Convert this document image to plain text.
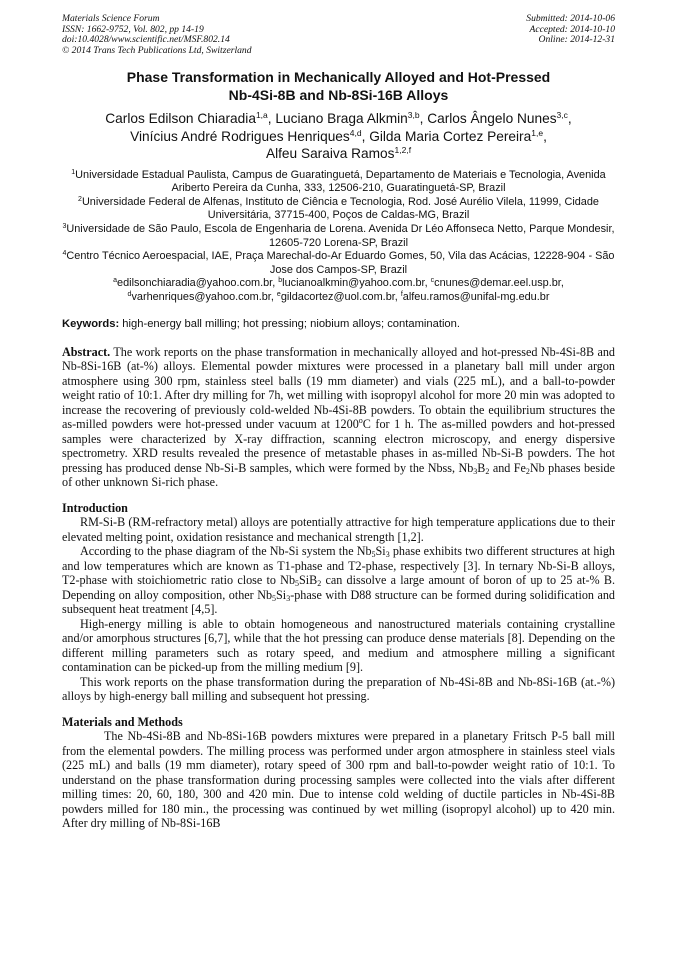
Materials Science Forum
ISSN: 1662-9752, Vol. 802, pp 14-19
doi:10.4028/www.scientific.net/MSF.802.14
© 2014 Trans Tech Publications Ltd, Switzerland
Submitted: 2014-10-06
Accepted: 2014-10-10
Online: 2014-12-31
Phase Transformation in Mechanically Alloyed and Hot-Pressed
Nb-4Si-8B and Nb-8Si-16B Alloys
Carlos Edilson Chiaradia$^{1,a}$, Luciano Braga Alkmin$^{3,b}$, Carlos Ângelo Nunes$^{3,c}$,
Vinícius André Rodrigues Henriques$^{4,d}$, Gilda Maria Cortez Pereira$^{1,e}$,
Alfeu Saraiva Ramos$^{1,2,f}$
$^1$Universidade Estadual Paulista, Campus de Guaratinguetá, Departamento de Materiais e Tecnologia, Avenida Ariberto Pereira da Cunha, 333, 12506-210, Guaratinguetá-SP, Brazil
$^2$Universidade Federal de Alfenas, Instituto de Ciência e Tecnologia, Rod. José Aurélio Vilela, 11999, Cidade Universitária, 37715-400, Poços de Caldas-MG, Brazil
$^3$Universidade de São Paulo, Escola de Engenharia de Lorena. Avenida Dr Léo Affonseca Netto, Parque Mondesir, 12605-720 Lorena-SP, Brazil
$^4$Centro Técnico Aeroespacial, IAE, Praça Marechal-do-Ar Eduardo Gomes, 50, Vila das Acácias, 12228-904 - São Jose dos Campos-SP, Brazil
$^a$edilsonchiaradia@yahoo.com.br, $^b$lucianoalkmin@yahoo.com.br, $^c$cnunes@demar.eel.usp.br,
$^d$varhenriques@yahoo.com.br, $^e$gildacortez@uol.com.br, $^f$alfeu.ramos@unifal-mg.edu.br
Keywords: high-energy ball milling; hot pressing; niobium alloys; contamination.
Abstract. The work reports on the phase transformation in mechanically alloyed and hot-pressed Nb-4Si-8B and Nb-8Si-16B (at-%) alloys. Elemental powder mixtures were processed in a planetary ball mill under argon atmosphere using 300 rpm, stainless steel balls (19 mm diameter) and vials (225 mL), and a ball-to-powder weight ratio of 10:1. After dry milling for 7h, wet milling with isopropyl alcohol for more 20 min was adopted to increase the recovering of previously cold-welded Nb-4Si-8B powders. To obtain the equilibrium structures the as-milled powders were hot-pressed under vacuum at 1200$^o$C for 1 h. The as-milled powders and hot-pressed samples were characterized by X-ray diffraction, scanning electron microscopy, and energy dispersive spectrometry. XRD results revealed the presence of metastable phases in as-milled Nb-Si-B powders. The hot pressing has produced dense Nb-Si-B samples, which were formed by the Nbss, $Nb_3B_2$ and $Fe_2Nb$ phases beside of other unknown Si-rich phase.
Introduction
RM-Si-B (RM-refractory metal) alloys are potentially attractive for high temperature applications due to their elevated melting point, oxidation resistance and mechanical strength [1,2].
According to the phase diagram of the Nb-Si system the $Nb_5Si_3$ phase exhibits two different structures at high and low temperatures which are known as T1-phase and T2-phase, respectively [3]. In ternary Nb-Si-B alloys, T2-phase with stoichiometric ratio close to $Nb_5SiB_2$ can dissolve a large amount of boron of up to 25 at-% B. Depending on alloy composition, other $Nb_5Si_3$-phase with D88 structure can be formed during solidification and subsequent heat treatment [4,5].
High-energy milling is able to obtain homogeneous and nanostructured materials containing crystalline and/or amorphous structures [6,7], while that the hot pressing can produce dense materials [8]. Depending on the different milling parameters such as rotary speed, and medium and atmosphere milling a significant contamination can be picked-up from the milling medium [9].
This work reports on the phase transformation during the preparation of Nb-4Si-8B and Nb-8Si-16B (at.-%) alloys by high-energy ball milling and subsequent hot pressing.
Materials and Methods
The Nb-4Si-8B and Nb-8Si-16B powders mixtures were prepared in a planetary Fritsch P-5 ball mill from the elemental powders. The milling process was performed under argon atmosphere in stainless steel vials (225 mL) and balls (19 mm diameter), rotary speed of 300 rpm and ball-to-powder weight ratio of 10:1. To understand on the phase transformation during processing samples were collected into the vials after different milling times: 20, 60, 180, 300 and 420 min. Due to intense cold welding of ductile particles in Nb-4Si-8B powders milled for 180 min., the processing was continued by wet milling (isopropyl alcohol) up to 420 min. After dry milling of Nb-8Si-16B
